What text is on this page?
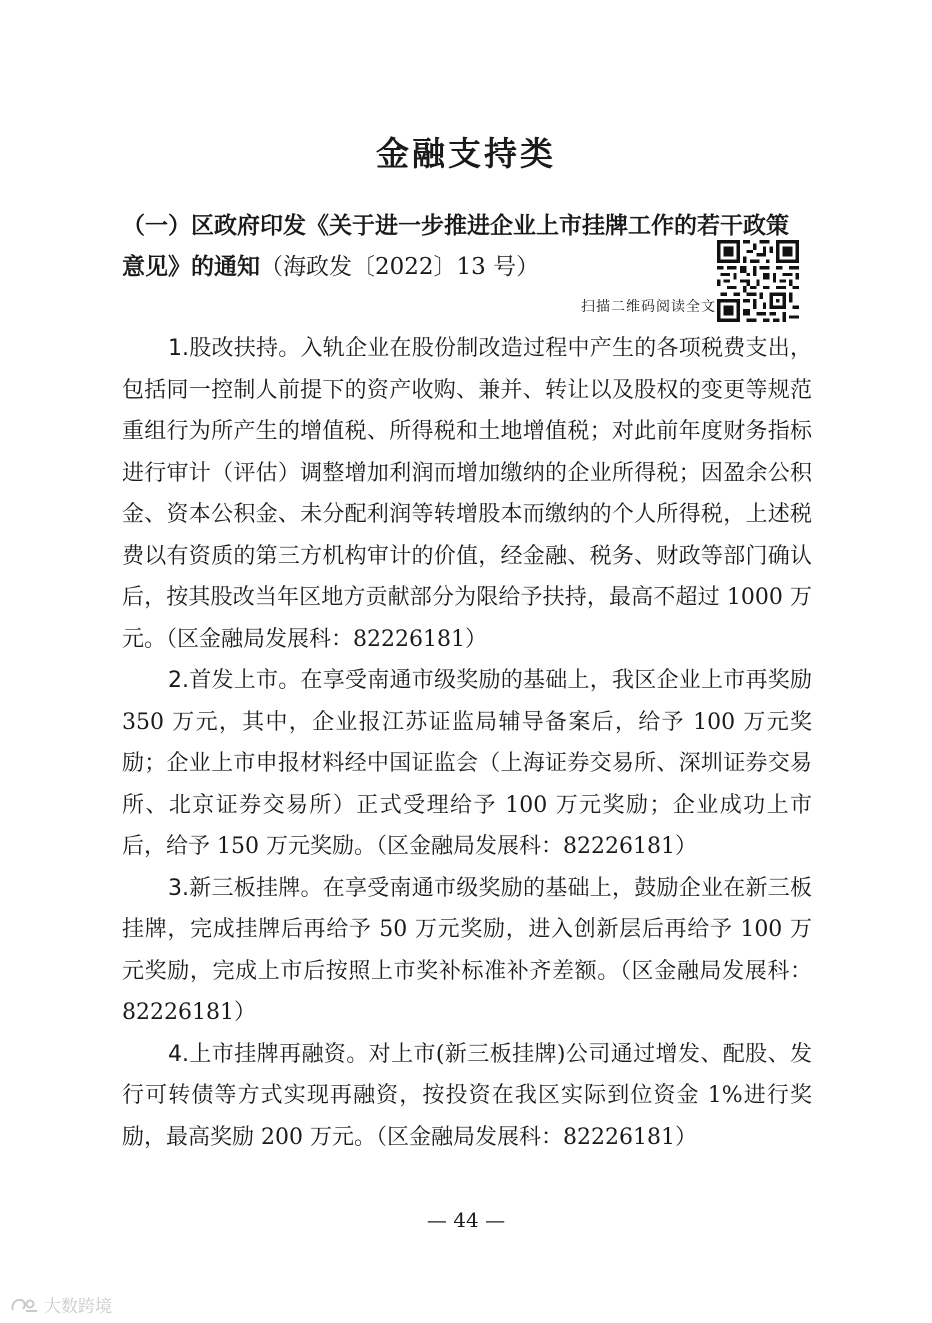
金融支持类
（一）区政府印发《关于进一步推进企业上市挂牌工作的若干政策意见》的通知（海政发〔2022〕13 号）
扫描二维码阅读全文

1.股改扶持。入轨企业在股份制改造过程中产生的各项税费支出，包括同一控制人前提下的资产收购、兼并、转让以及股权的变更等规范重组行为所产生的增值税、所得税和土地增值税；对此前年度财务指标进行审计（评估）调整增加利润而增加缴纳的企业所得税；因盈余公积金、资本公积金、未分配利润等转增股本而缴纳的个人所得税，上述税费以有资质的第三方机构审计的价值，经金融、税务、财政等部门确认后，按其股改当年区地方贡献部分为限给予扶持，最高不超过 1000 万元。（区金融局发展科：82226181）

2.首发上市。在享受南通市级奖励的基础上，我区企业上市再奖励 350 万元，其中，企业报江苏证监局辅导备案后，给予 100 万元奖励；企业上市申报材料经中国证监会（上海证券交易所、深圳证券交易所、北京证券交易所）正式受理给予 100 万元奖励；企业成功上市后，给予 150 万元奖励。（区金融局发展科：82226181）

3.新三板挂牌。在享受南通市级奖励的基础上，鼓励企业在新三板挂牌，完成挂牌后再给予 50 万元奖励，进入创新层后再给予 100 万元奖励，完成上市后按照上市奖补标准补齐差额。（区金融局发展科：82226181）

4.上市挂牌再融资。对上市(新三板挂牌)公司通过增发、配股、发行可转债等方式实现再融资，按投资在我区实际到位资金 1%进行奖励，最高奖励 200 万元。（区金融局发展科：82226181）

— 44 —
大数跨境
